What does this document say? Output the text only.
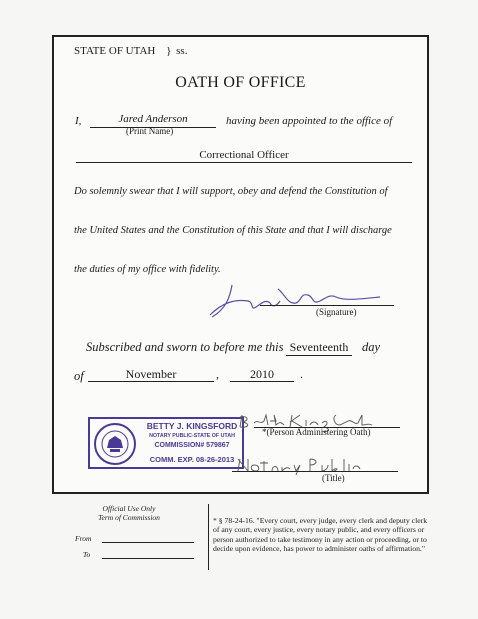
STATE OF UTAH } ss.
OATH OF OFFICE
I,	Jared Anderson
(Print Name)
having been appointed to the office of
Correctional Officer
Do solemnly swear that I will support, obey and defend the Constitution of
the United States and the Constitution of this State and that I will discharge
the duties of my office with fidelity.
(Signature)
Subscribed and sworn to before me this Seventeenth day
of	November	,	2010	.
BETTY J. KINGSFORD
NOTARY PUBLIC-STATE OF UTAH
COMMISSION# 579867
COMM. EXP. 08-26-2013
*(Person Administering Oath)
(Title)
Official Use Only
Term of Commission
From
To
* § 78-24-16. "Every court, every judge, every clerk and deputy clerk of any court, every justice, every notary public, and every officers or person authorized to take testimony in any action or proceeding, or to decide upon evidence, has power to administer oaths of affirmation."
